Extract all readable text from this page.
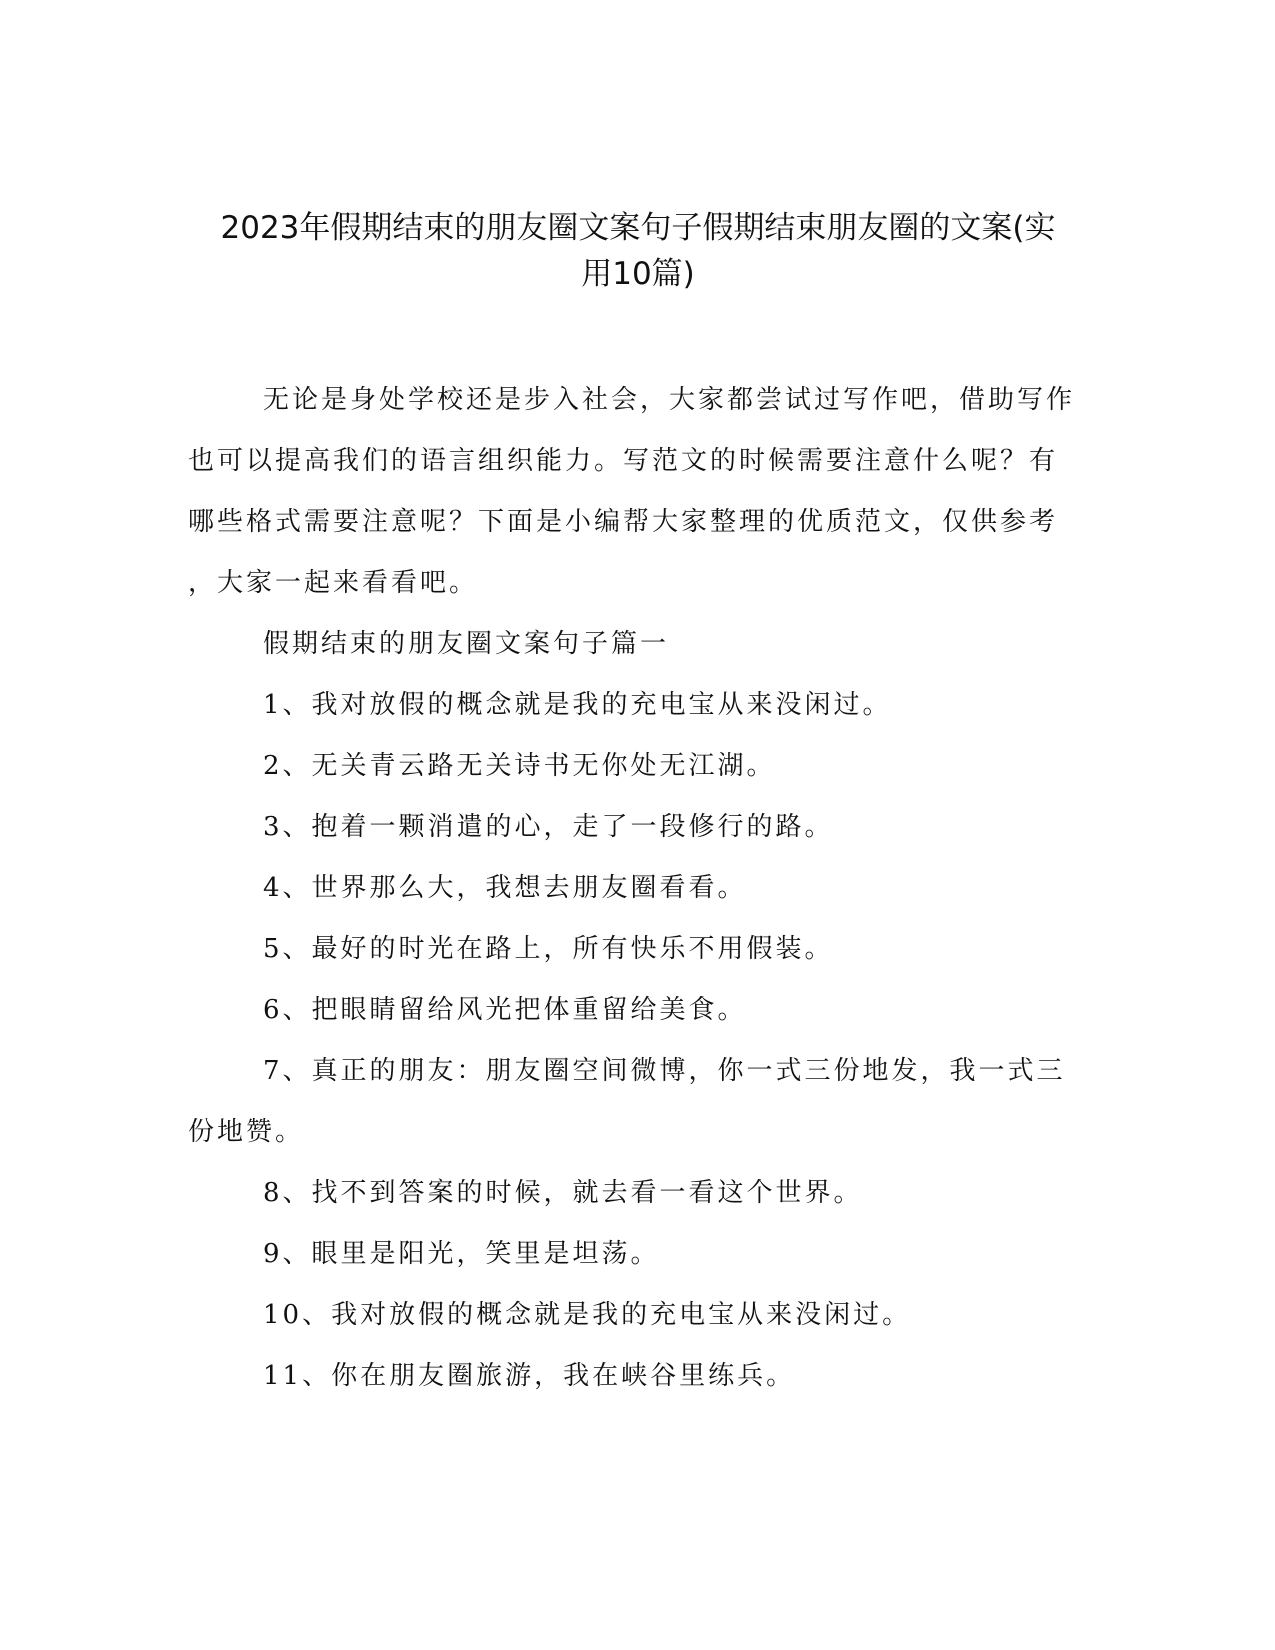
2023年假期结束的朋友圈文案句子假期结束朋友圈的文案(实
用10篇)

无论是身处学校还是步入社会，大家都尝试过写作吧，借助写作
也可以提高我们的语言组织能力。写范文的时候需要注意什么呢？有
哪些格式需要注意呢？下面是小编帮大家整理的优质范文，仅供参考
，大家一起来看看吧。

假期结束的朋友圈文案句子篇一

1、我对放假的概念就是我的充电宝从来没闲过。

2、无关青云路无关诗书无你处无江湖。

3、抱着一颗消遣的心，走了一段修行的路。

4、世界那么大，我想去朋友圈看看。

5、最好的时光在路上，所有快乐不用假装。

6、把眼睛留给风光把体重留给美食。

7、真正的朋友：朋友圈空间微博，你一式三份地发，我一式三
份地赞。

8、找不到答案的时候，就去看一看这个世界。

9、眼里是阳光，笑里是坦荡。

10、我对放假的概念就是我的充电宝从来没闲过。

11、你在朋友圈旅游，我在峡谷里练兵。
